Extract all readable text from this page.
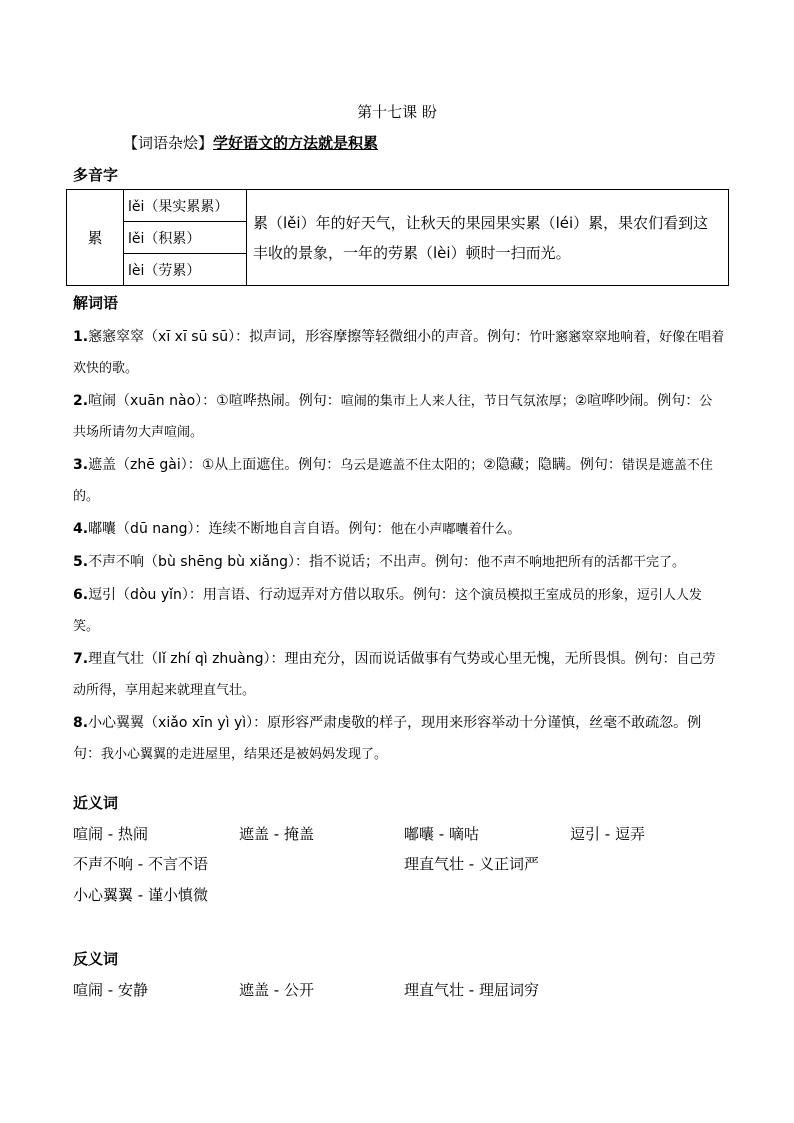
第十七课 盼
【词语杂烩】学好语文的方法就是积累
多音字
累	lěi（果实累累）	累（lěi）年的好天气，让秋天的果园果实累（léi）累，果农们看到这丰收的景象，一年的劳累（lèi）顿时一扫而光。
lěi（积累）
lèi（劳累）
解词语
1.窸窸窣窣（xī xī sū sū）：拟声词，形容摩擦等轻微细小的声音。例句：竹叶窸窸窣窣地响着，好像在唱着欢快的歌。
2.喧闹（xuān nào）：①喧哗热闹。例句：喧闹的集市上人来人往，节日气氛浓厚；②喧哗吵闹。例句：公共场所请勿大声喧闹。
3.遮盖（zhē gài）：①从上面遮住。例句：乌云是遮盖不住太阳的；②隐藏；隐瞒。例句：错误是遮盖不住的。
4.嘟囔（dū nang）：连续不断地自言自语。例句：他在小声嘟囔着什么。
5.不声不响（bù shēng bù xiǎng）：指不说话；不出声。例句：他不声不响地把所有的活都干完了。
6.逗引（dòu yǐn）：用言语、行动逗弄对方借以取乐。例句：这个演员模拟王室成员的形象，逗引人人发笑。
7.理直气壮（lǐ zhí qì zhuàng）：理由充分，因而说话做事有气势或心里无愧，无所畏惧。例句：自己劳动所得，享用起来就理直气壮。
8.小心翼翼（xiǎo xīn yì yì）：原形容严肃虔敬的样子，现用来形容举动十分谨慎，丝毫不敢疏忽。例句：我小心翼翼的走进屋里，结果还是被妈妈发现了。
近义词
喧闹 - 热闹	遮盖 - 掩盖	嘟囔 - 嘀咕	逗引 - 逗弄
不声不响 - 不言不语	理直气壮 - 义正词严
小心翼翼 - 谨小慎微
反义词
喧闹 - 安静	遮盖 - 公开	理直气壮 - 理屈词穷
